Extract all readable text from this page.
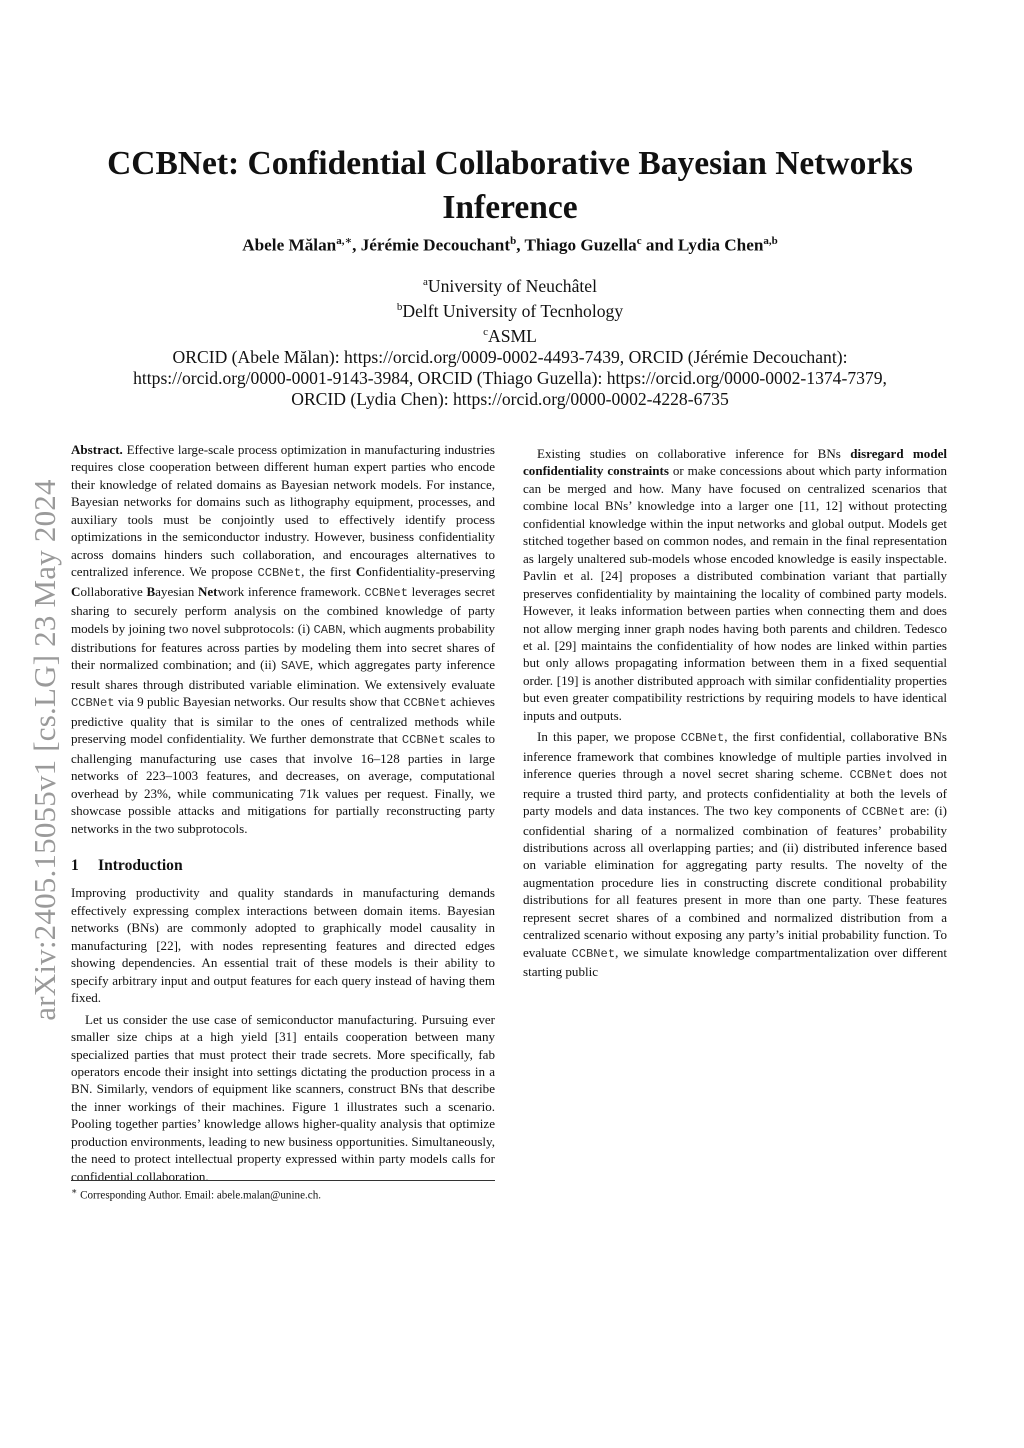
arXiv:2405.15055v1 [cs.LG] 23 May 2024
CCBNet: Confidential Collaborative Bayesian Networks
Inference
Abele Mălan$^{a,∗}$, Jérémie Decouchant$^b$, Thiago Guzella$^c$ and Lydia Chen$^{a,b}$
$^a$University of Neuchâtel
$^b$Delft University of Tecnhology
$^c$ASML
ORCID (Abele Mălan): https://orcid.org/0009-0002-4493-7439, ORCID (Jérémie Decouchant):
https://orcid.org/0000-0001-9143-3984, ORCID (Thiago Guzella): https://orcid.org/0000-0002-1374-7379,
ORCID (Lydia Chen): https://orcid.org/0000-0002-4228-6735

Abstract. Effective large-scale process optimization in manufacturing industries requires close cooperation between different human expert parties who encode their knowledge of related domains as Bayesian network models. For instance, Bayesian networks for domains such as lithography equipment, processes, and auxiliary tools must be conjointly used to effectively identify process optimizations in the semiconductor industry. However, business confidentiality across domains hinders such collaboration, and encourages alternatives to centralized inference. We propose CCBNet, the first Confidentiality-preserving Collaborative Bayesian Network inference framework. CCBNet leverages secret sharing to securely perform analysis on the combined knowledge of party models by joining two novel subprotocols: (i) CABN, which augments probability distributions for features across parties by modeling them into secret shares of their normalized combination; and (ii) SAVE, which aggregates party inference result shares through distributed variable elimination. We extensively evaluate CCBNet via 9 public Bayesian networks. Our results show that CCBNet achieves predictive quality that is similar to the ones of centralized methods while preserving model confidentiality. We further demonstrate that CCBNet scales to challenging manufacturing use cases that involve 16–128 parties in large networks of 223–1003 features, and decreases, on average, computational overhead by 23%, while communicating 71k values per request. Finally, we showcase possible attacks and mitigations for partially reconstructing party networks in the two subprotocols.

1 Introduction

Improving productivity and quality standards in manufacturing demands effectively expressing complex interactions between domain items. Bayesian networks (BNs) are commonly adopted to graphically model causality in manufacturing [22], with nodes representing features and directed edges showing dependencies. An essential trait of these models is their ability to specify arbitrary input and output features for each query instead of having them fixed.

Let us consider the use case of semiconductor manufacturing. Pursuing ever smaller size chips at a high yield [31] entails cooperation between many specialized parties that must protect their trade secrets. More specifically, fab operators encode their insight into settings dictating the production process in a BN. Similarly, vendors of equipment like scanners, construct BNs that describe the inner workings of their machines. Figure 1 illustrates such a scenario. Pooling together parties’ knowledge allows higher-quality analysis that optimize production environments, leading to new business opportunities. Simultaneously, the need to protect intellectual property expressed within party models calls for confidential collaboration.

∗ Corresponding Author. Email: abele.malan@unine.ch.

Existing studies on collaborative inference for BNs disregard model confidentiality constraints or make concessions about which party information can be merged and how. Many have focused on centralized scenarios that combine local BNs’ knowledge into a larger one [11, 12] without protecting confidential knowledge within the input networks and global output. Models get stitched together based on common nodes, and remain in the final representation as largely unaltered sub-models whose encoded knowledge is easily inspectable. Pavlin et al. [24] proposes a distributed combination variant that partially preserves confidentiality by maintaining the locality of combined party models. However, it leaks information between parties when connecting them and does not allow merging inner graph nodes having both parents and children. Tedesco et al. [29] maintains the confidentiality of how nodes are linked within parties but only allows propagating information between them in a fixed sequential order. [19] is another distributed approach with similar confidentiality properties but even greater compatibility restrictions by requiring models to have identical inputs and outputs.

In this paper, we propose CCBNet, the first confidential, collaborative BNs inference framework that combines knowledge of multiple parties involved in inference queries through a novel secret sharing scheme. CCBNet does not require a trusted third party, and protects confidentiality at both the levels of party models and data instances. The two key components of CCBNet are: (i) confidential sharing of a normalized combination of features’ probability distributions across all overlapping parties; and (ii) distributed inference based on variable elimination for aggregating party results. The novelty of the augmentation procedure lies in constructing discrete conditional probability distributions for all features present in more than one party. These features represent secret shares of a combined and normalized distribution from a centralized scenario without exposing any party’s initial probability function. To evaluate CCBNet, we simulate knowledge compartmentalization over different starting public
